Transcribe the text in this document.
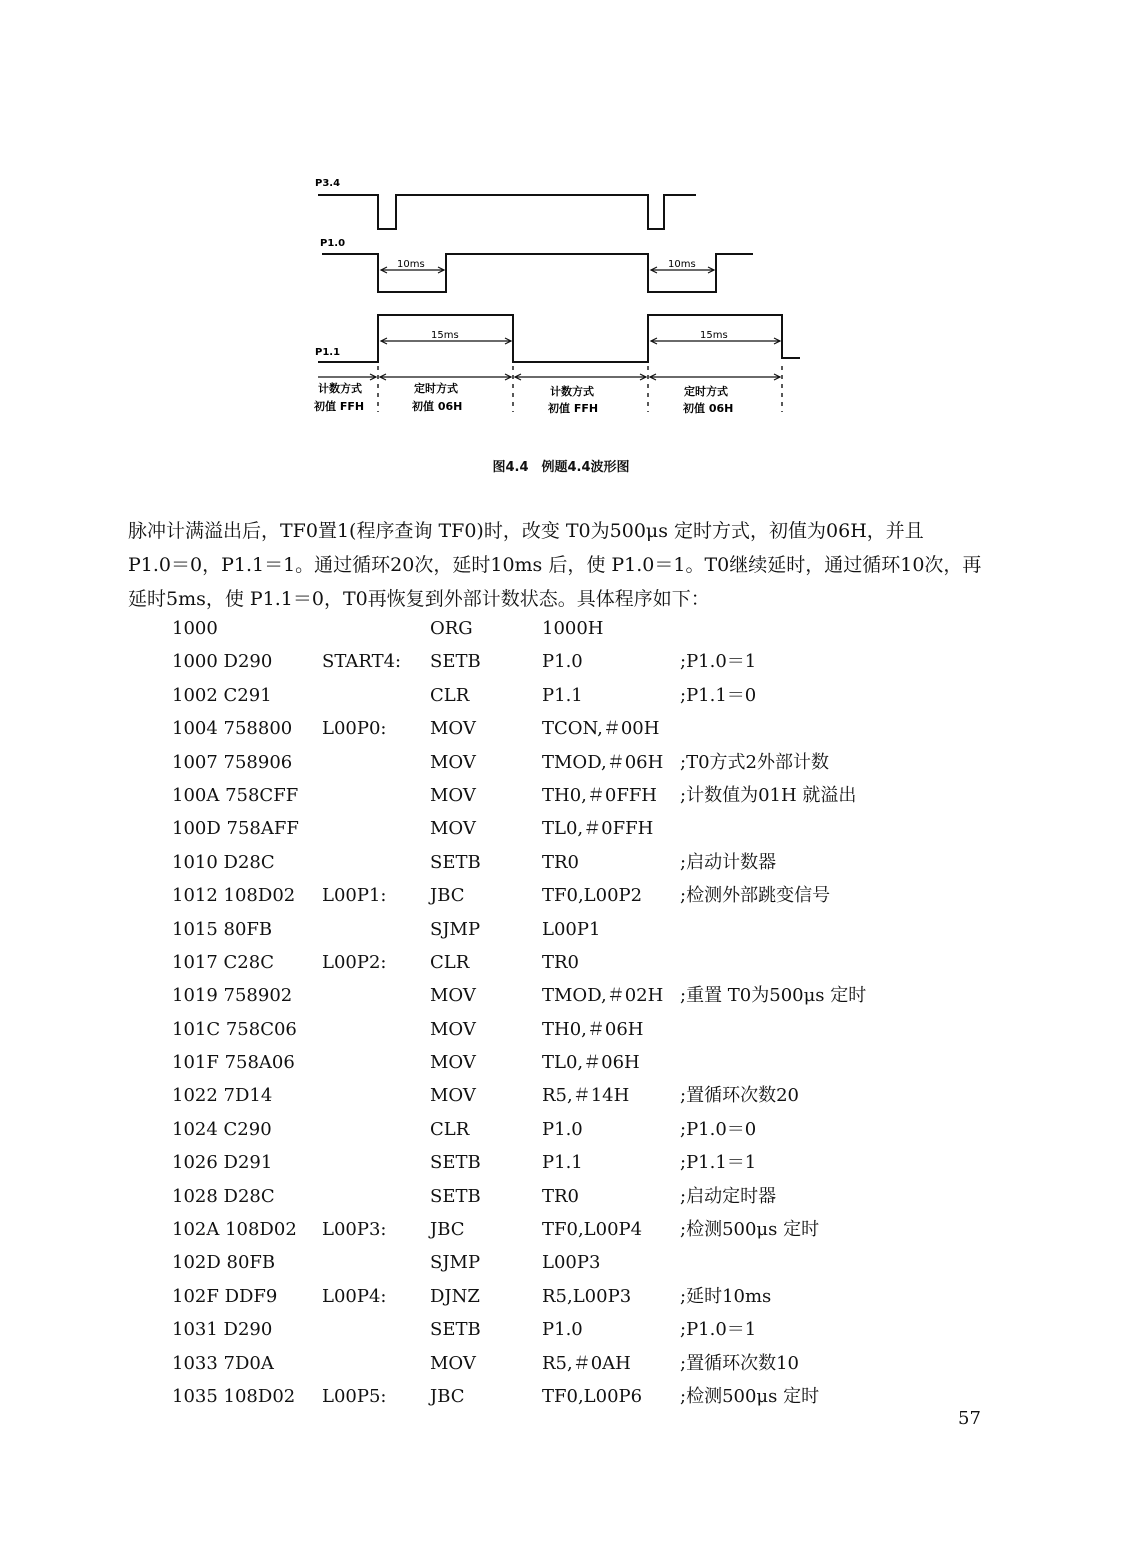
P3.4
P1.0
P1.1
10ms	10ms
15ms	15ms
计数方式
初值 FFH
定时方式
初值 06H
计数方式
初值 FFH
定时方式
初值 06H
图4.4　例题4.4波形图
脉冲计满溢出后，TF0置1(程序查询 TF0)时，改变 T0为500μs 定时方式，初值为06H，并且
P1.0＝0，P1.1＝1。通过循环20次，延时10ms 后，使 P1.0＝1。T0继续延时，通过循环10次，再
延时5ms，使 P1.1＝0，T0再恢复到外部计数状态。具体程序如下：
1000	ORG	1000H
1000 D290	START4: SETB	P1.0	;P1.0＝1
1002 C291	CLR	P1.1	;P1.1＝0
1004 758800 L00P0: MOV	TCON,＃00H
1007 758906	MOV	TMOD,＃06H ;T0方式2外部计数
100A 758CFF	MOV	TH0,＃0FFH ;计数值为01H 就溢出
100D 758AFF	MOV	TL0,＃0FFH
1010 D28C	SETB	TR0	;启动计数器
1012 108D02 L00P1: JBC	TF0,L00P2 ;检测外部跳变信号
1015 80FB	SJMP	L00P1
1017 C28C	L00P2: CLR	TR0
1019 758902	MOV	TMOD,＃02H ;重置 T0为500μs 定时
101C 758C06	MOV	TH0,＃06H
101F 758A06	MOV	TL0,＃06H
1022 7D14	MOV	R5,＃14H	;置循环次数20
1024 C290	CLR	P1.0	;P1.0＝0
1026 D291	SETB	P1.1	;P1.1＝1
1028 D28C	SETB	TR0	;启动定时器
102A 108D02 L00P3: JBC	TF0,L00P4 ;检测500μs 定时
102D 80FB	SJMP	L00P3
102F DDF9 L00P4: DJNZ	R5,L00P3	;延时10ms
1031 D290	SETB	P1.0	;P1.0＝1
1033 7D0A	MOV	R5,＃0AH	;置循环次数10
1035 108D02 L00P5: JBC	TF0,L00P6 ;检测500μs 定时
57
